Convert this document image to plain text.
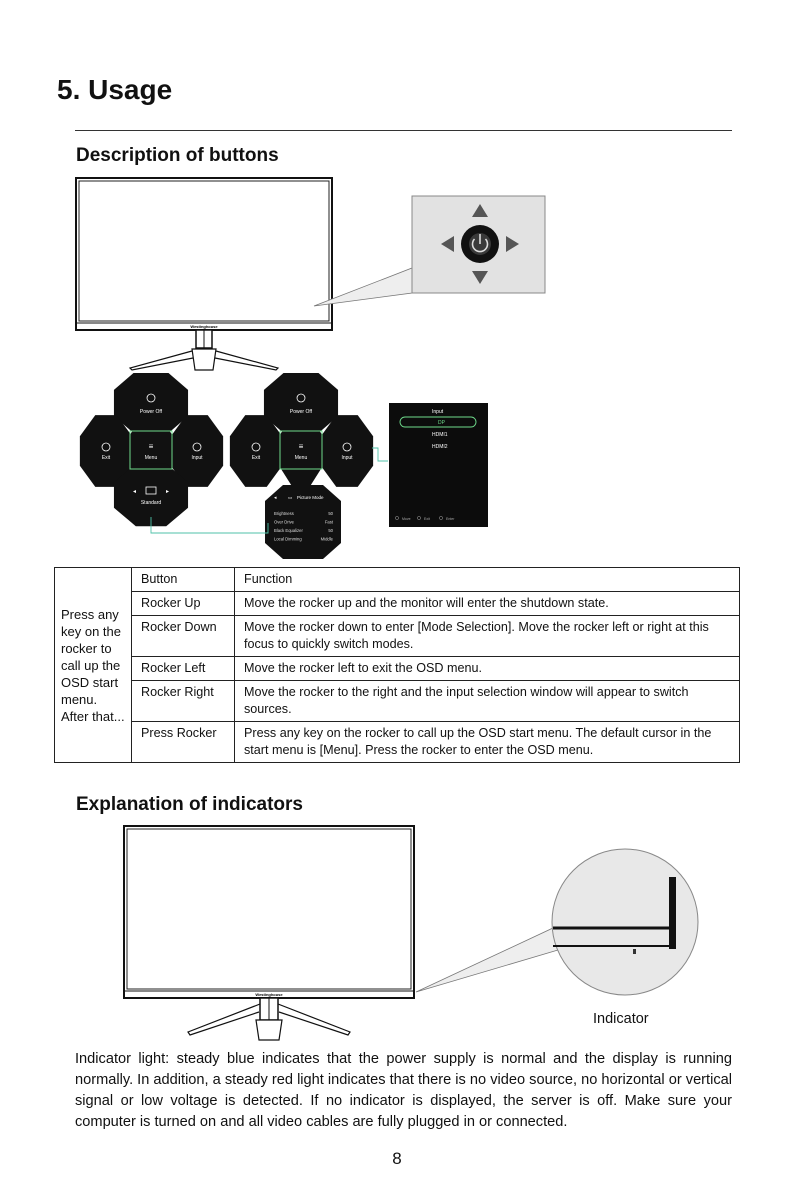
5. Usage
Description of buttons
Westinghouse
Power Off
Exit
≡
Menu	Input
◂	▸
Standard
Power Off
Exit
≡
Menu	Input
◂	▭ Picture Mode
Brightness	50
Over Drive	Fast
Black Equalizer	50
Local Dimming	Middle
Input
DP
HDMI1
HDMI2
Move	Exit	Enter
Press any key on the rocker to call up the OSD start menu. After that...	Button	Function
	Rocker Up	Move the rocker up and the monitor will enter the shutdown state.
	Rocker Down	Move the rocker down to enter [Mode Selection]. Move the rocker left or right at this focus to quickly switch modes.
	Rocker Left	Move the rocker left to exit the OSD menu.
	Rocker Right	Move the rocker to the right and the input selection window will appear to switch sources.
	Press Rocker	Press any key on the rocker to call up the OSD start menu. The default cursor in the start menu is [Menu]. Press the rocker to enter the OSD menu.
Explanation of indicators
Westinghouse
Indicator

Indicator light: steady blue indicates that the power supply is normal and the display is running normally. In addition, a steady red light indicates that there is no video source, no horizontal or vertical signal or low voltage is detected. If no indicator is displayed, the server is off. Make sure your computer is turned on and all video cables are fully plugged in or connected.

8
